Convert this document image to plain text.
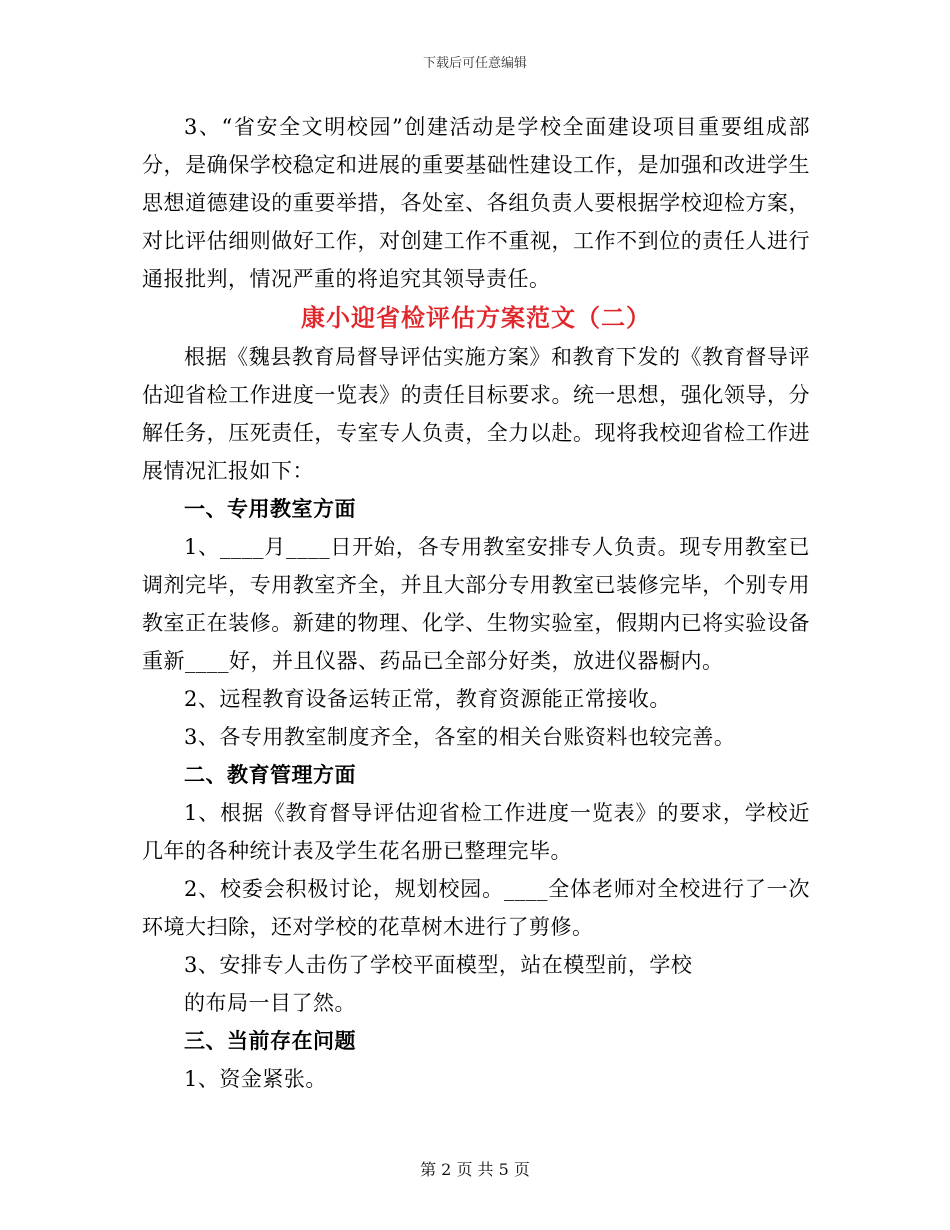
下载后可任意编辑

3、“省安全文明校园”创建活动是学校全面建设项目重要组成部分，是确保学校稳定和进展的重要基础性建设工作，是加强和改进学生思想道德建设的重要举措，各处室、各组负责人要根据学校迎检方案，对比评估细则做好工作，对创建工作不重视，工作不到位的责任人进行通报批判，情况严重的将追究其领导责任。

康小迎省检评估方案范文（二）

根据《魏县教育局督导评估实施方案》和教育下发的《教育督导评估迎省检工作进度一览表》的责任目标要求。统一思想，强化领导，分解任务，压死责任，专室专人负责，全力以赴。现将我校迎省检工作进展情况汇报如下：

一、专用教室方面

1、____月____日开始，各专用教室安排专人负责。现专用教室已调剂完毕，专用教室齐全，并且大部分专用教室已装修完毕，个别专用教室正在装修。新建的物理、化学、生物实验室，假期内已将实验设备重新____好，并且仪器、药品已全部分好类，放进仪器橱内。

2、远程教育设备运转正常，教育资源能正常接收。

3、各专用教室制度齐全，各室的相关台账资料也较完善。

二、教育管理方面

1、根据《教育督导评估迎省检工作进度一览表》的要求，学校近几年的各种统计表及学生花名册已整理完毕。

2、校委会积极讨论，规划校园。____全体老师对全校进行了一次环境大扫除，还对学校的花草树木进行了剪修。

3、安排专人击伤了学校平面模型，站在模型前，学校

的布局一目了然。

三、当前存在问题

1、资金紧张。

第 2 页 共 5 页
